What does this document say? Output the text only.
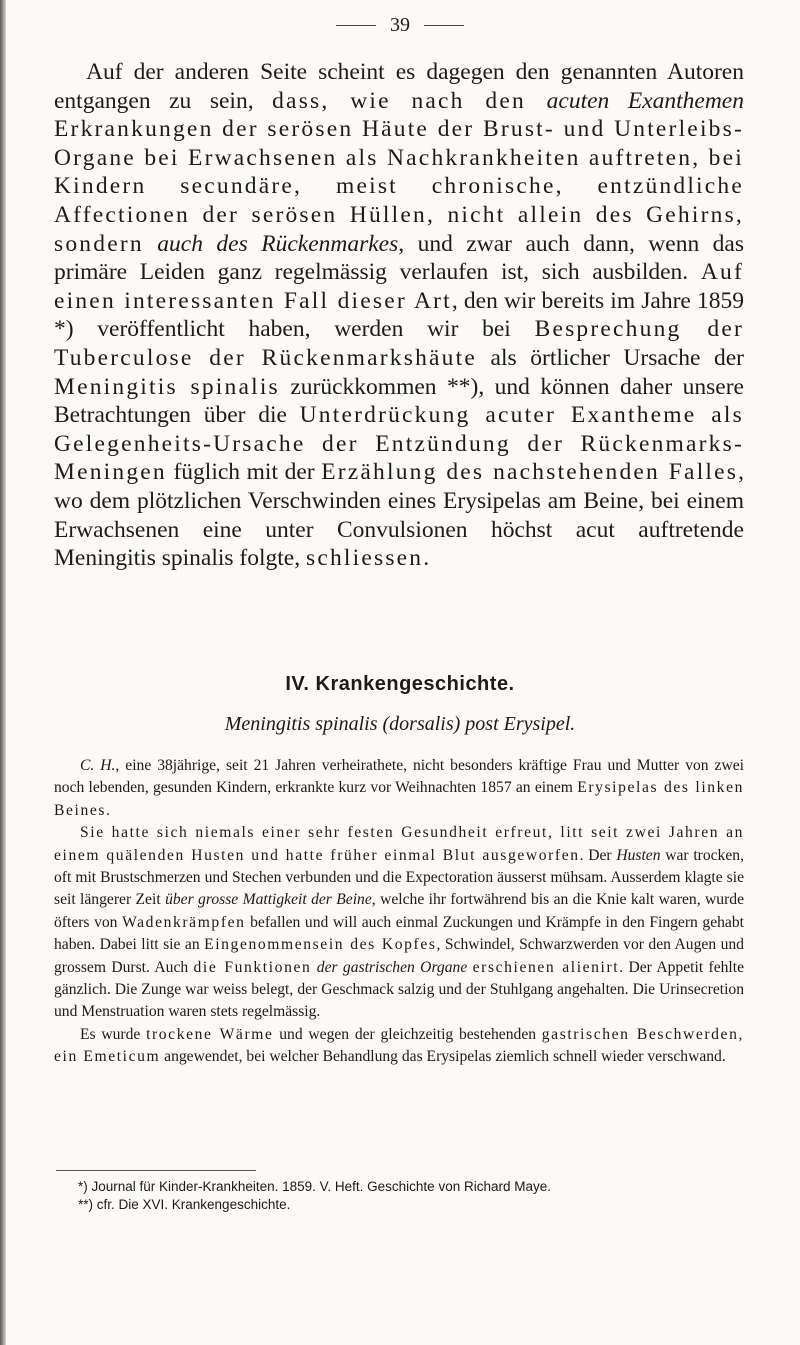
39

Auf der anderen Seite scheint es dagegen den genannten Autoren entgangen zu sein, dass, wie nach den acuten Exanthemen Erkrankungen der serösen Häute der Brust- und Unterleibs-Organe bei Erwachsenen als Nachkrankheiten auftreten, bei Kindern secundäre, meist chronische, entzündliche Affectionen der serösen Hüllen, nicht allein des Gehirns, sondern auch des Rückenmarkes, und zwar auch dann, wenn das primäre Leiden ganz regelmässig verlaufen ist, sich ausbilden. Auf einen interessanten Fall dieser Art, den wir bereits im Jahre 1859 *) veröffentlicht haben, werden wir bei Besprechung der Tuberculose der Rückenmarkshäute als örtlicher Ursache der Meningitis spinalis zurückkommen **), und können daher unsere Betrachtungen über die Unterdrückung acuter Exantheme als Gelegenheits-Ursache der Entzündung der Rückenmarks-Meningen füglich mit der Erzählung des nachstehenden Falles, wo dem plötzlichen Verschwinden eines Erysipelas am Beine, bei einem Erwachsenen eine unter Convulsionen höchst acut auftretende Meningitis spinalis folgte, schliessen.

IV. Krankengeschichte.
Meningitis spinalis (dorsalis) post Erysipel.

C. H., eine 38jährige, seit 21 Jahren verheirathete, nicht besonders kräftige Frau und Mutter von zwei noch lebenden, gesunden Kindern, erkrankte kurz vor Weihnachten 1857 an einem Erysipelas des linken Beines.

Sie hatte sich niemals einer sehr festen Gesundheit erfreut, litt seit zwei Jahren an einem quälenden Husten und hatte früher einmal Blut ausgeworfen. Der Husten war trocken, oft mit Brustschmerzen und Stechen verbunden und die Expectoration äusserst mühsam. Ausserdem klagte sie seit längerer Zeit über grosse Mattigkeit der Beine, welche ihr fortwährend bis an die Knie kalt waren, wurde öfters von Wadenkrämpfen befallen und will auch einmal Zuckungen und Krämpfe in den Fingern gehabt haben. Dabei litt sie an Eingenommensein des Kopfes, Schwindel, Schwarzwerden vor den Augen und grossem Durst. Auch die Funktionen der gastrischen Organe erschienen alienirt. Der Appetit fehlte gänzlich. Die Zunge war weiss belegt, der Geschmack salzig und der Stuhlgang angehalten. Die Urinsecretion und Menstruation waren stets regelmässig.

Es wurde trockene Wärme und wegen der gleichzeitig bestehenden gastrischen Beschwerden, ein Emeticum angewendet, bei welcher Behandlung das Erysipelas ziemlich schnell wieder verschwand.

*) Journal für Kinder-Krankheiten. 1859. V. Heft. Geschichte von Richard Maye.
**) cfr. Die XVI. Krankengeschichte.
